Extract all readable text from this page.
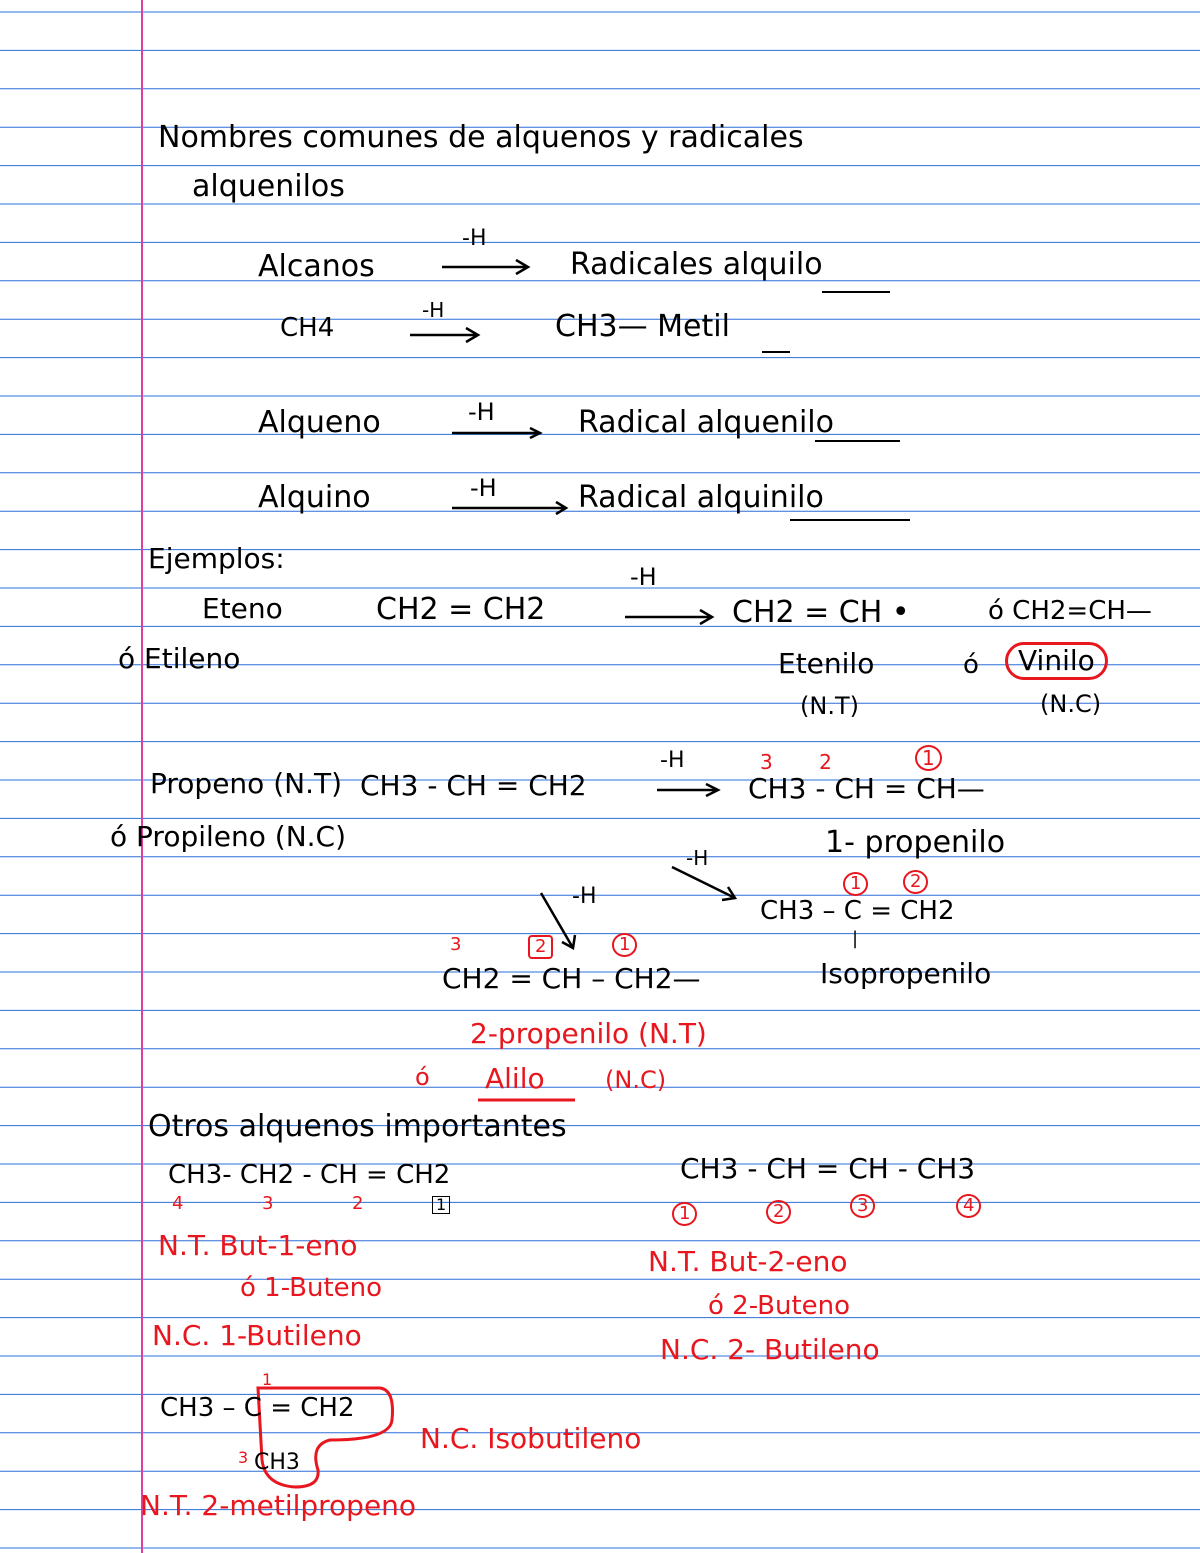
Nombres comunes de alquenos y radicales
alquenilos
Alcanos
-H
Radicales alquilo
CH4
-H	CH3— Metil
Alqueno	-H	Radical alquenilo
Alquino	-H	Radical alquinilo
Ejemplos:
Eteno	CH2 = CH2
-H
CH2 = CH •	ó CH2=CH—
ó Etileno	Etenilo	ó	Vinilo
(N.T)	(N.C)
Propeno (N.T) CH3 - CH = CH2
ó Propileno (N.C)
-H	3 2	1
CH3 - CH = CH—
1- propenilo
-H
1	2
CH3 – C = CH2
|
Isopropenilo
-H
3	2	1
CH2 = CH – CH2—
2-propenilo (N.T)
ó Alilo	(N.C)
Otros alquenos importantes
CH3- CH2 - CH = CH2
4	3	2	1
N.T. But-1-eno
ó 1-Buteno
N.C. 1-Butileno
CH3 - CH = CH - CH3
1	2	3	4
N.T. But-2-eno
ó 2-Buteno
N.C. 2- Butileno
1
CH3 – C = CH2
3 CH3
N.C. Isobutileno
N.T. 2-metilpropeno
